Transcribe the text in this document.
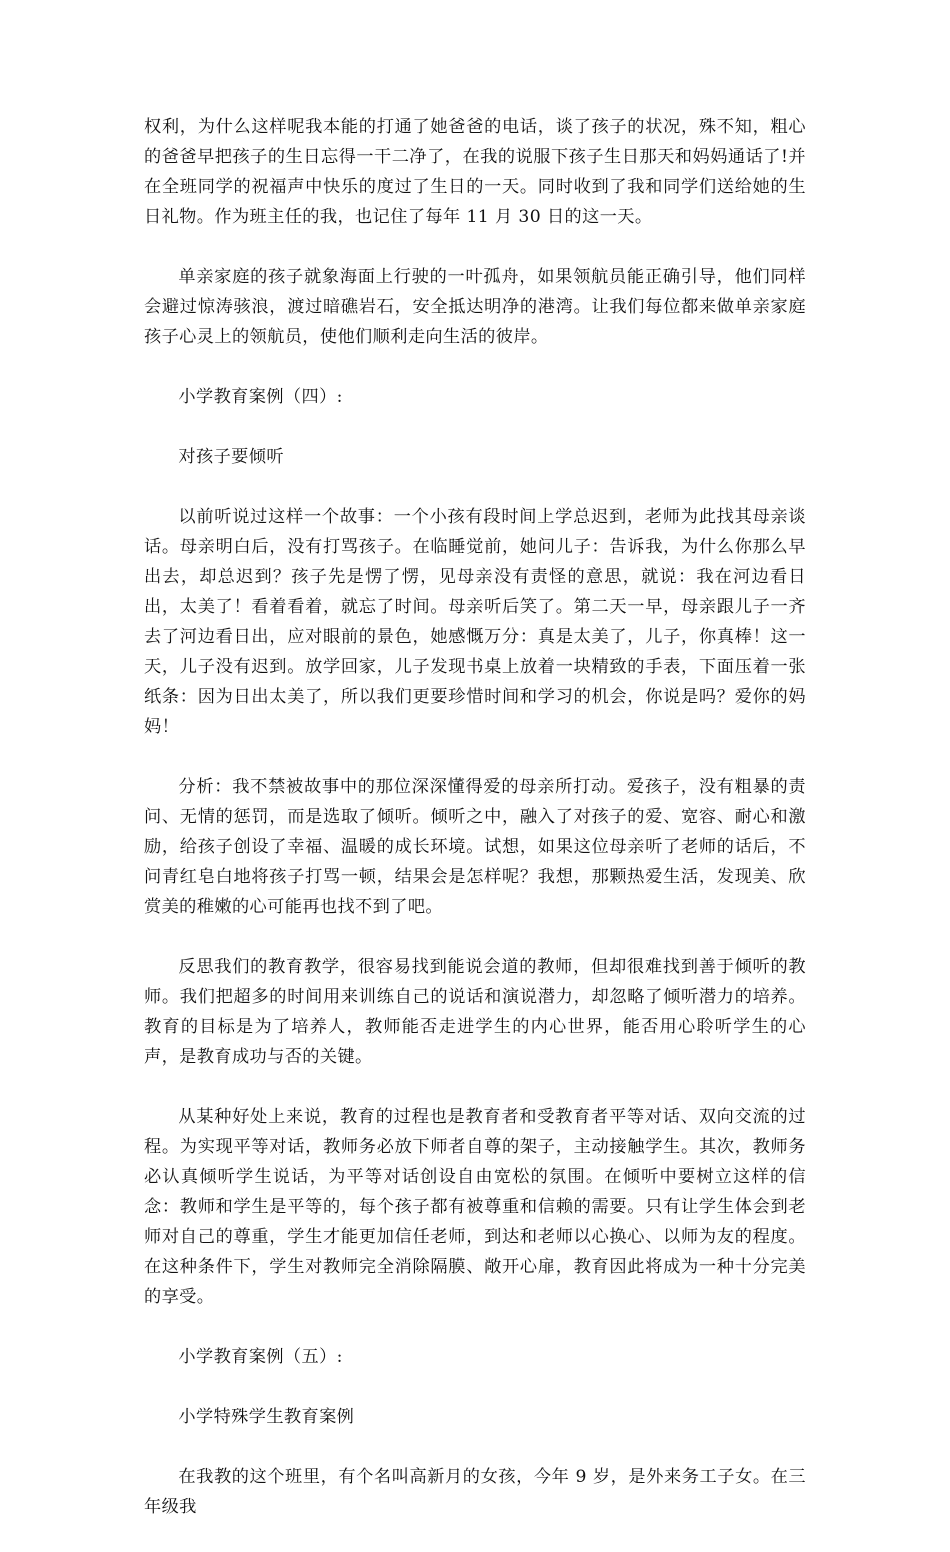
权利，为什么这样呢我本能的打通了她爸爸的电话，谈了孩子的状况，殊不知，粗心的爸爸早把孩子的生日忘得一干二净了，在我的说服下孩子生日那天和妈妈通话了!并在全班同学的祝福声中快乐的度过了生日的一天。同时收到了我和同学们送给她的生日礼物。作为班主任的我，也记住了每年 11 月 30 日的这一天。

单亲家庭的孩子就象海面上行驶的一叶孤舟，如果领航员能正确引导，他们同样会避过惊涛骇浪，渡过暗礁岩石，安全抵达明净的港湾。让我们每位都来做单亲家庭孩子心灵上的领航员，使他们顺利走向生活的彼岸。

小学教育案例（四）:

对孩子要倾听

以前听说过这样一个故事：一个小孩有段时间上学总迟到，老师为此找其母亲谈话。母亲明白后，没有打骂孩子。在临睡觉前，她问儿子：告诉我，为什么你那么早出去，却总迟到？孩子先是愣了愣，见母亲没有责怪的意思，就说：我在河边看日出，太美了！看着看着，就忘了时间。母亲听后笑了。第二天一早，母亲跟儿子一齐去了河边看日出，应对眼前的景色，她感慨万分：真是太美了，儿子，你真棒！这一天，儿子没有迟到。放学回家，儿子发现书桌上放着一块精致的手表，下面压着一张纸条：因为日出太美了，所以我们更要珍惜时间和学习的机会，你说是吗？爱你的妈妈！

分析：我不禁被故事中的那位深深懂得爱的母亲所打动。爱孩子，没有粗暴的责问、无情的惩罚，而是选取了倾听。倾听之中，融入了对孩子的爱、宽容、耐心和激励，给孩子创设了幸福、温暖的成长环境。试想，如果这位母亲听了老师的话后，不问青红皂白地将孩子打骂一顿，结果会是怎样呢？我想，那颗热爱生活，发现美、欣赏美的稚嫩的心可能再也找不到了吧。

反思我们的教育教学，很容易找到能说会道的教师，但却很难找到善于倾听的教师。我们把超多的时间用来训练自己的说话和演说潜力，却忽略了倾听潜力的培养。教育的目标是为了培养人，教师能否走进学生的内心世界，能否用心聆听学生的心声，是教育成功与否的关键。

从某种好处上来说，教育的过程也是教育者和受教育者平等对话、双向交流的过程。为实现平等对话，教师务必放下师者自尊的架子，主动接触学生。其次，教师务必认真倾听学生说话，为平等对话创设自由宽松的氛围。在倾听中要树立这样的信念：教师和学生是平等的，每个孩子都有被尊重和信赖的需要。只有让学生体会到老师对自己的尊重，学生才能更加信任老师，到达和老师以心换心、以师为友的程度。在这种条件下，学生对教师完全消除隔膜、敞开心扉，教育因此将成为一种十分完美的享受。

小学教育案例（五）:

小学特殊学生教育案例

在我教的这个班里，有个名叫高新月的女孩，今年 9 岁，是外来务工子女。在三年级我
